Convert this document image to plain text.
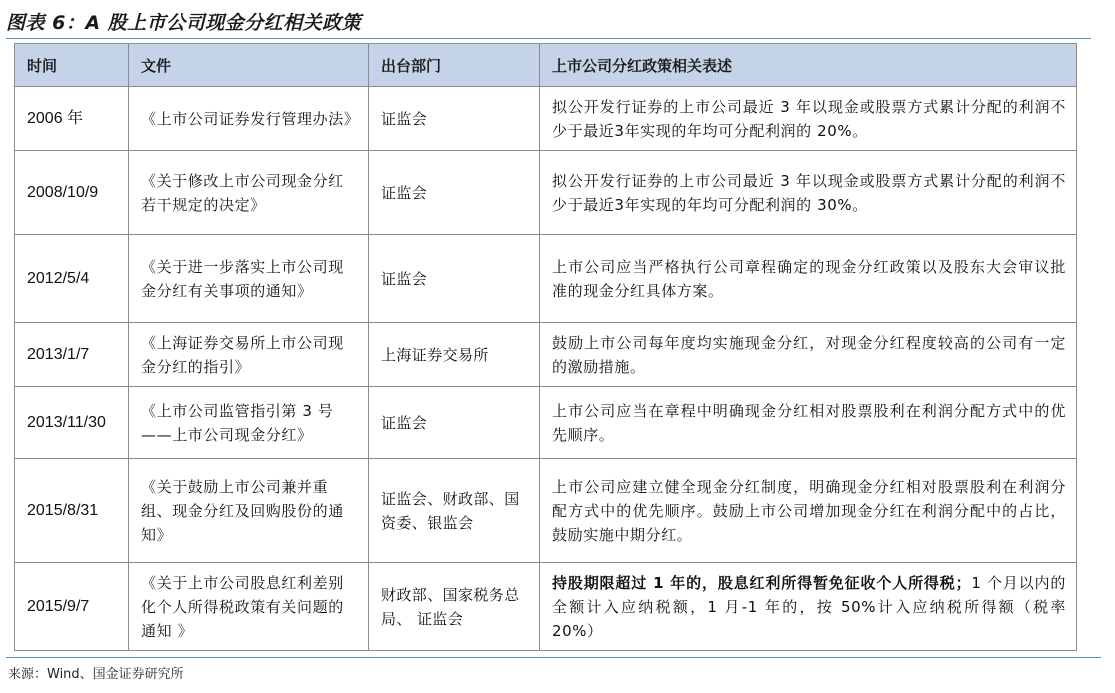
图表 6：A 股上市公司现金分红相关政策
时间	文件	出台部门	上市公司分红政策相关表述
2006 年	《上市公司证券发行管理办法》	证监会	拟公开发行证券的上市公司最近 3 年以现金或股票方式累计分配的利润不少于最近3年实现的年均可分配利润的 20%。
2008/10/9	《关于修改上市公司现金分红若干规定的决定》	证监会	拟公开发行证券的上市公司最近 3 年以现金或股票方式累计分配的利润不少于最近3年实现的年均可分配利润的 30%。
2012/5/4	《关于进一步落实上市公司现金分红有关事项的通知》	证监会	上市公司应当严格执行公司章程确定的现金分红政策以及股东大会审议批准的现金分红具体方案。
2013/1/7	《上海证券交易所上市公司现金分红的指引》	上海证券交易所	鼓励上市公司每年度均实施现金分红，对现金分红程度较高的公司有一定的激励措施。
2013/11/30	《上市公司监管指引第 3 号——上市公司现金分红》	证监会	上市公司应当在章程中明确现金分红相对股票股利在利润分配方式中的优先顺序。
2015/8/31	《关于鼓励上市公司兼并重组、现金分红及回购股份的通知》	证监会、财政部、国资委、银监会	上市公司应建立健全现金分红制度，明确现金分红相对股票股利在利润分配方式中的优先顺序。鼓励上市公司增加现金分红在利润分配中的占比，鼓励实施中期分红。
2015/9/7	《关于上市公司股息红利差别化个人所得税政策有关问题的通知 》	财政部、国家税务总局、 证监会	持股期限超过 1 年的，股息红利所得暂免征收个人所得税；1 个月以内的全额计入应纳税额，1 月-1 年的，按 50%计入应纳税所得额（税率 20%）
来源：Wind、国金证券研究所
